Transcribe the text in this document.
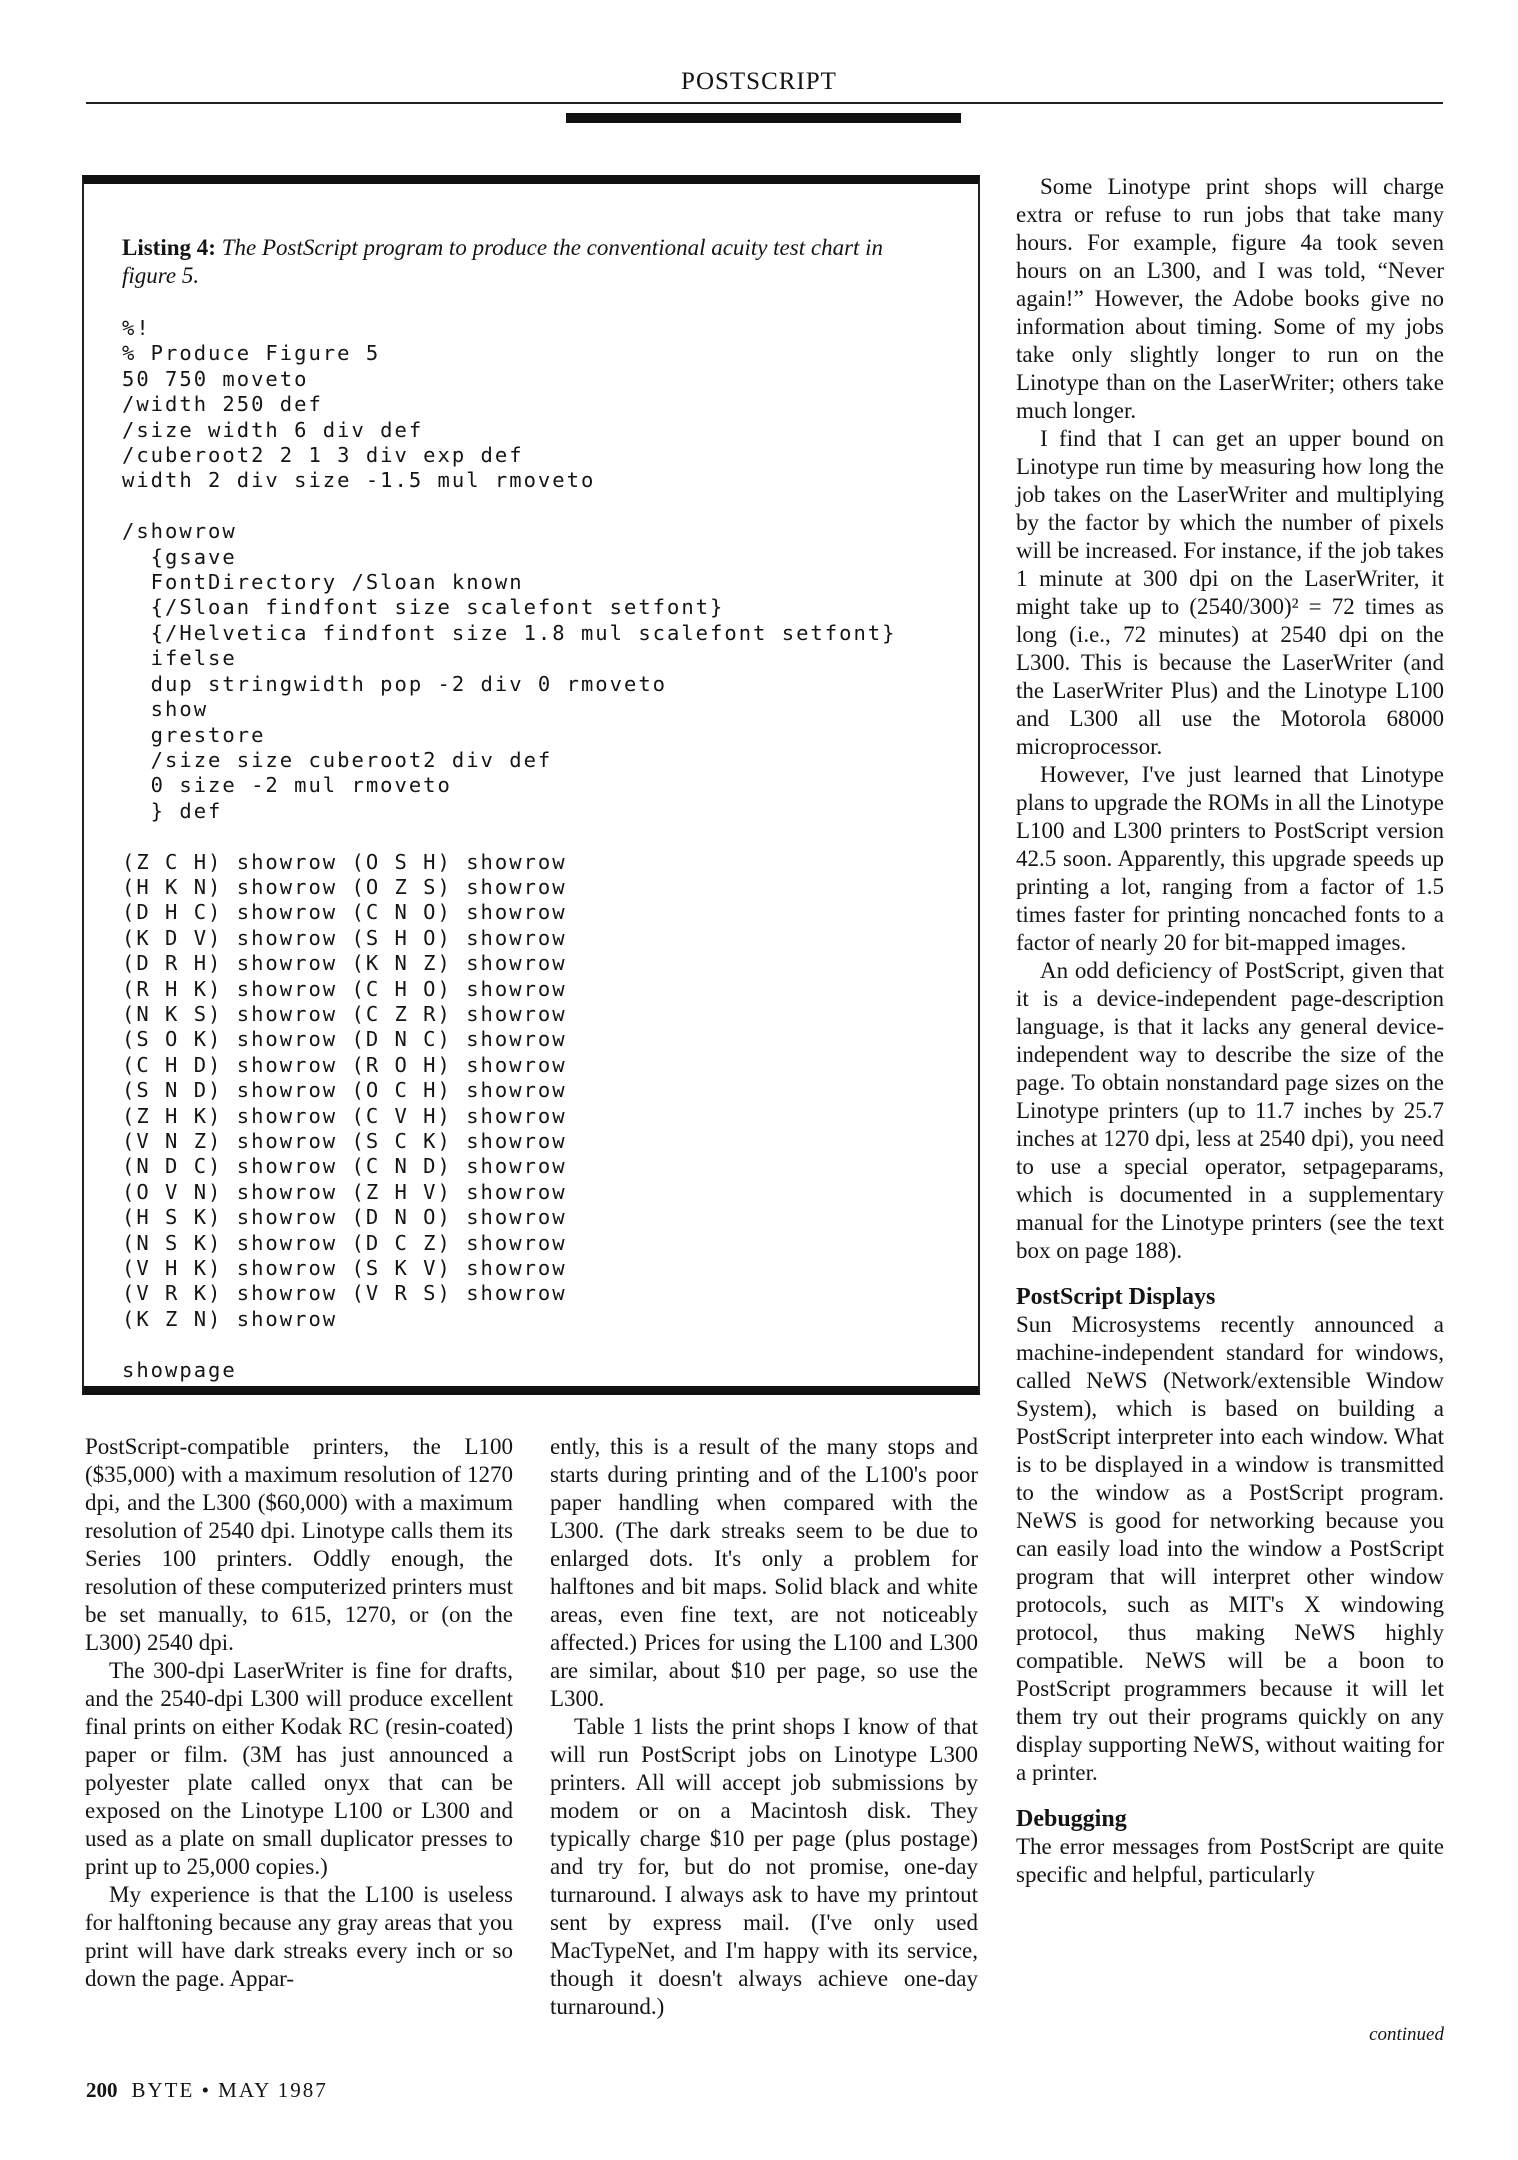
POSTSCRIPT
Listing 4: The PostScript program to produce the conventional acuity test chart in figure 5.
%!
% Produce Figure 5
50 750 moveto
/width 250 def
/size width 6 div def
/cuberoot2 2 1 3 div exp def
width 2 div size -1.5 mul rmoveto

/showrow
{gsave
FontDirectory /Sloan known
{/Sloan findfont size scalefont setfont}
{/Helvetica findfont size 1.8 mul scalefont setfont}
ifelse
dup stringwidth pop -2 div 0 rmoveto
show
grestore
/size size cuberoot2 div def
0 size -2 mul rmoveto
} def

(Z C H) showrow (O S H) showrow
(H K N) showrow (O Z S) showrow
(D H C) showrow (C N O) showrow
(K D V) showrow (S H O) showrow
(D R H) showrow (K N Z) showrow
(R H K) showrow (C H O) showrow
(N K S) showrow (C Z R) showrow
(S O K) showrow (D N C) showrow
(C H D) showrow (R O H) showrow
(S N D) showrow (O C H) showrow
(Z H K) showrow (C V H) showrow
(V N Z) showrow (S C K) showrow
(N D C) showrow (C N D) showrow
(O V N) showrow (Z H V) showrow
(H S K) showrow (D N O) showrow
(N S K) showrow (D C Z) showrow
(V H K) showrow (S K V) showrow
(V R K) showrow (V R S) showrow
(K Z N) showrow

showpage

PostScript-compatible printers, the L100 ($35,000) with a maximum resolution of 1270 dpi, and the L300 ($60,000) with a maximum resolution of 2540 dpi. Linotype calls them its Series 100 printers. Oddly enough, the resolution of these computerized printers must be set manually, to 615, 1270, or (on the L300) 2540 dpi.

The 300-dpi LaserWriter is fine for drafts, and the 2540-dpi L300 will produce excellent final prints on either Kodak RC (resin-coated) paper or film. (3M has just announced a polyester plate called onyx that can be exposed on the Linotype L100 or L300 and used as a plate on small duplicator presses to print up to 25,000 copies.)

My experience is that the L100 is useless for halftoning because any gray areas that you print will have dark streaks every inch or so down the page. Appar-

ently, this is a result of the many stops and starts during printing and of the L100's poor paper handling when compared with the L300. (The dark streaks seem to be due to enlarged dots. It's only a problem for halftones and bit maps. Solid black and white areas, even fine text, are not noticeably affected.) Prices for using the L100 and L300 are similar, about $10 per page, so use the L300.

Table 1 lists the print shops I know of that will run PostScript jobs on Linotype L300 printers. All will accept job submissions by modem or on a Macintosh disk. They typically charge $10 per page (plus postage) and try for, but do not promise, one-day turnaround. I always ask to have my printout sent by express mail. (I've only used MacTypeNet, and I'm happy with its service, though it doesn't always achieve one-day turnaround.)

Some Linotype print shops will charge extra or refuse to run jobs that take many hours. For example, figure 4a took seven hours on an L300, and I was told, “Never again!” However, the Adobe books give no information about timing. Some of my jobs take only slightly longer to run on the Linotype than on the LaserWriter; others take much longer.

I find that I can get an upper bound on Linotype run time by measuring how long the job takes on the LaserWriter and multiplying by the factor by which the number of pixels will be increased. For instance, if the job takes 1 minute at 300 dpi on the LaserWriter, it might take up to (2540/300)² = 72 times as long (i.e., 72 minutes) at 2540 dpi on the L300. This is because the LaserWriter (and the LaserWriter Plus) and the Linotype L100 and L300 all use the Motorola 68000 microprocessor.

However, I've just learned that Linotype plans to upgrade the ROMs in all the Linotype L100 and L300 printers to PostScript version 42.5 soon. Apparently, this upgrade speeds up printing a lot, ranging from a factor of 1.5 times faster for printing noncached fonts to a factor of nearly 20 for bit-mapped images.

An odd deficiency of PostScript, given that it is a device-independent page-description language, is that it lacks any general device-independent way to describe the size of the page. To obtain nonstandard page sizes on the Linotype printers (up to 11.7 inches by 25.7 inches at 1270 dpi, less at 2540 dpi), you need to use a special operator, setpageparams, which is documented in a supplementary manual for the Linotype printers (see the text box on page 188).

PostScript Displays

Sun Microsystems recently announced a machine-independent standard for windows, called NeWS (Network/extensible Window System), which is based on building a PostScript interpreter into each window. What is to be displayed in a window is transmitted to the window as a PostScript program. NeWS is good for networking because you can easily load into the window a PostScript program that will interpret other window protocols, such as MIT's X windowing protocol, thus making NeWS highly compatible. NeWS will be a boon to PostScript programmers because it will let them try out their programs quickly on any display supporting NeWS, without waiting for a printer.

Debugging

The error messages from PostScript are quite specific and helpful, particularly

continued
200 BYTE • MAY 1987
